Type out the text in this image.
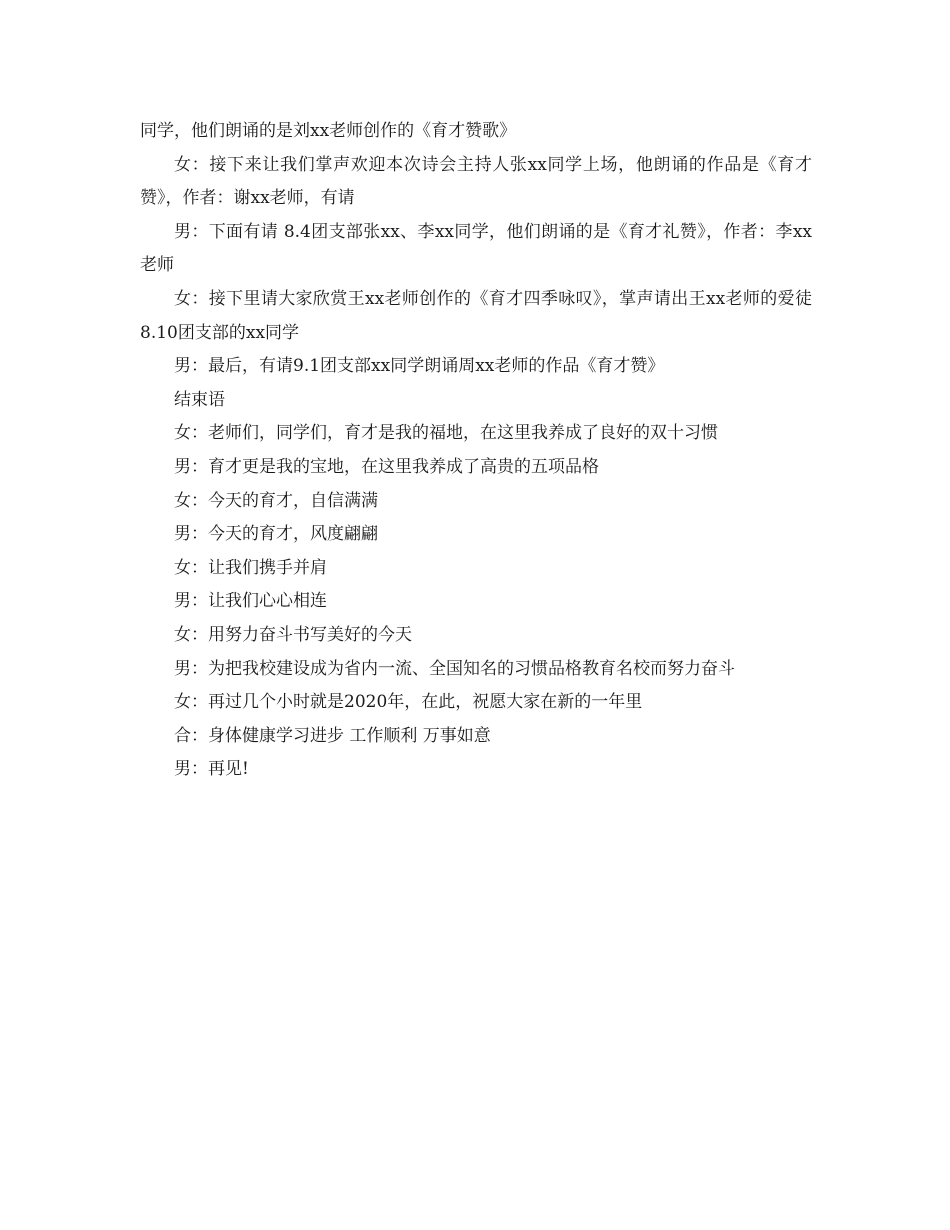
同学，他们朗诵的是刘xx老师创作的《育才赞歌》

女：接下来让我们掌声欢迎本次诗会主持人张xx同学上场，他朗诵的作品是《育才赞》，作者：谢xx老师，有请

男：下面有请 8.4团支部张xx、李xx同学，他们朗诵的是《育才礼赞》，作者：李xx老师

女：接下里请大家欣赏王xx老师创作的《育才四季咏叹》，掌声请出王xx老师的爱徒8.10团支部的xx同学

男：最后，有请9.1团支部xx同学朗诵周xx老师的作品《育才赞》

结束语

女：老师们，同学们，育才是我的福地，在这里我养成了良好的双十习惯

男：育才更是我的宝地，在这里我养成了高贵的五项品格

女：今天的育才，自信满满

男：今天的育才，风度翩翩

女：让我们携手并肩

男：让我们心心相连

女：用努力奋斗书写美好的今天

男：为把我校建设成为省内一流、全国知名的习惯品格教育名校而努力奋斗

女：再过几个小时就是2020年，在此，祝愿大家在新的一年里

合：身体健康学习进步 工作顺利 万事如意

男：再见!
